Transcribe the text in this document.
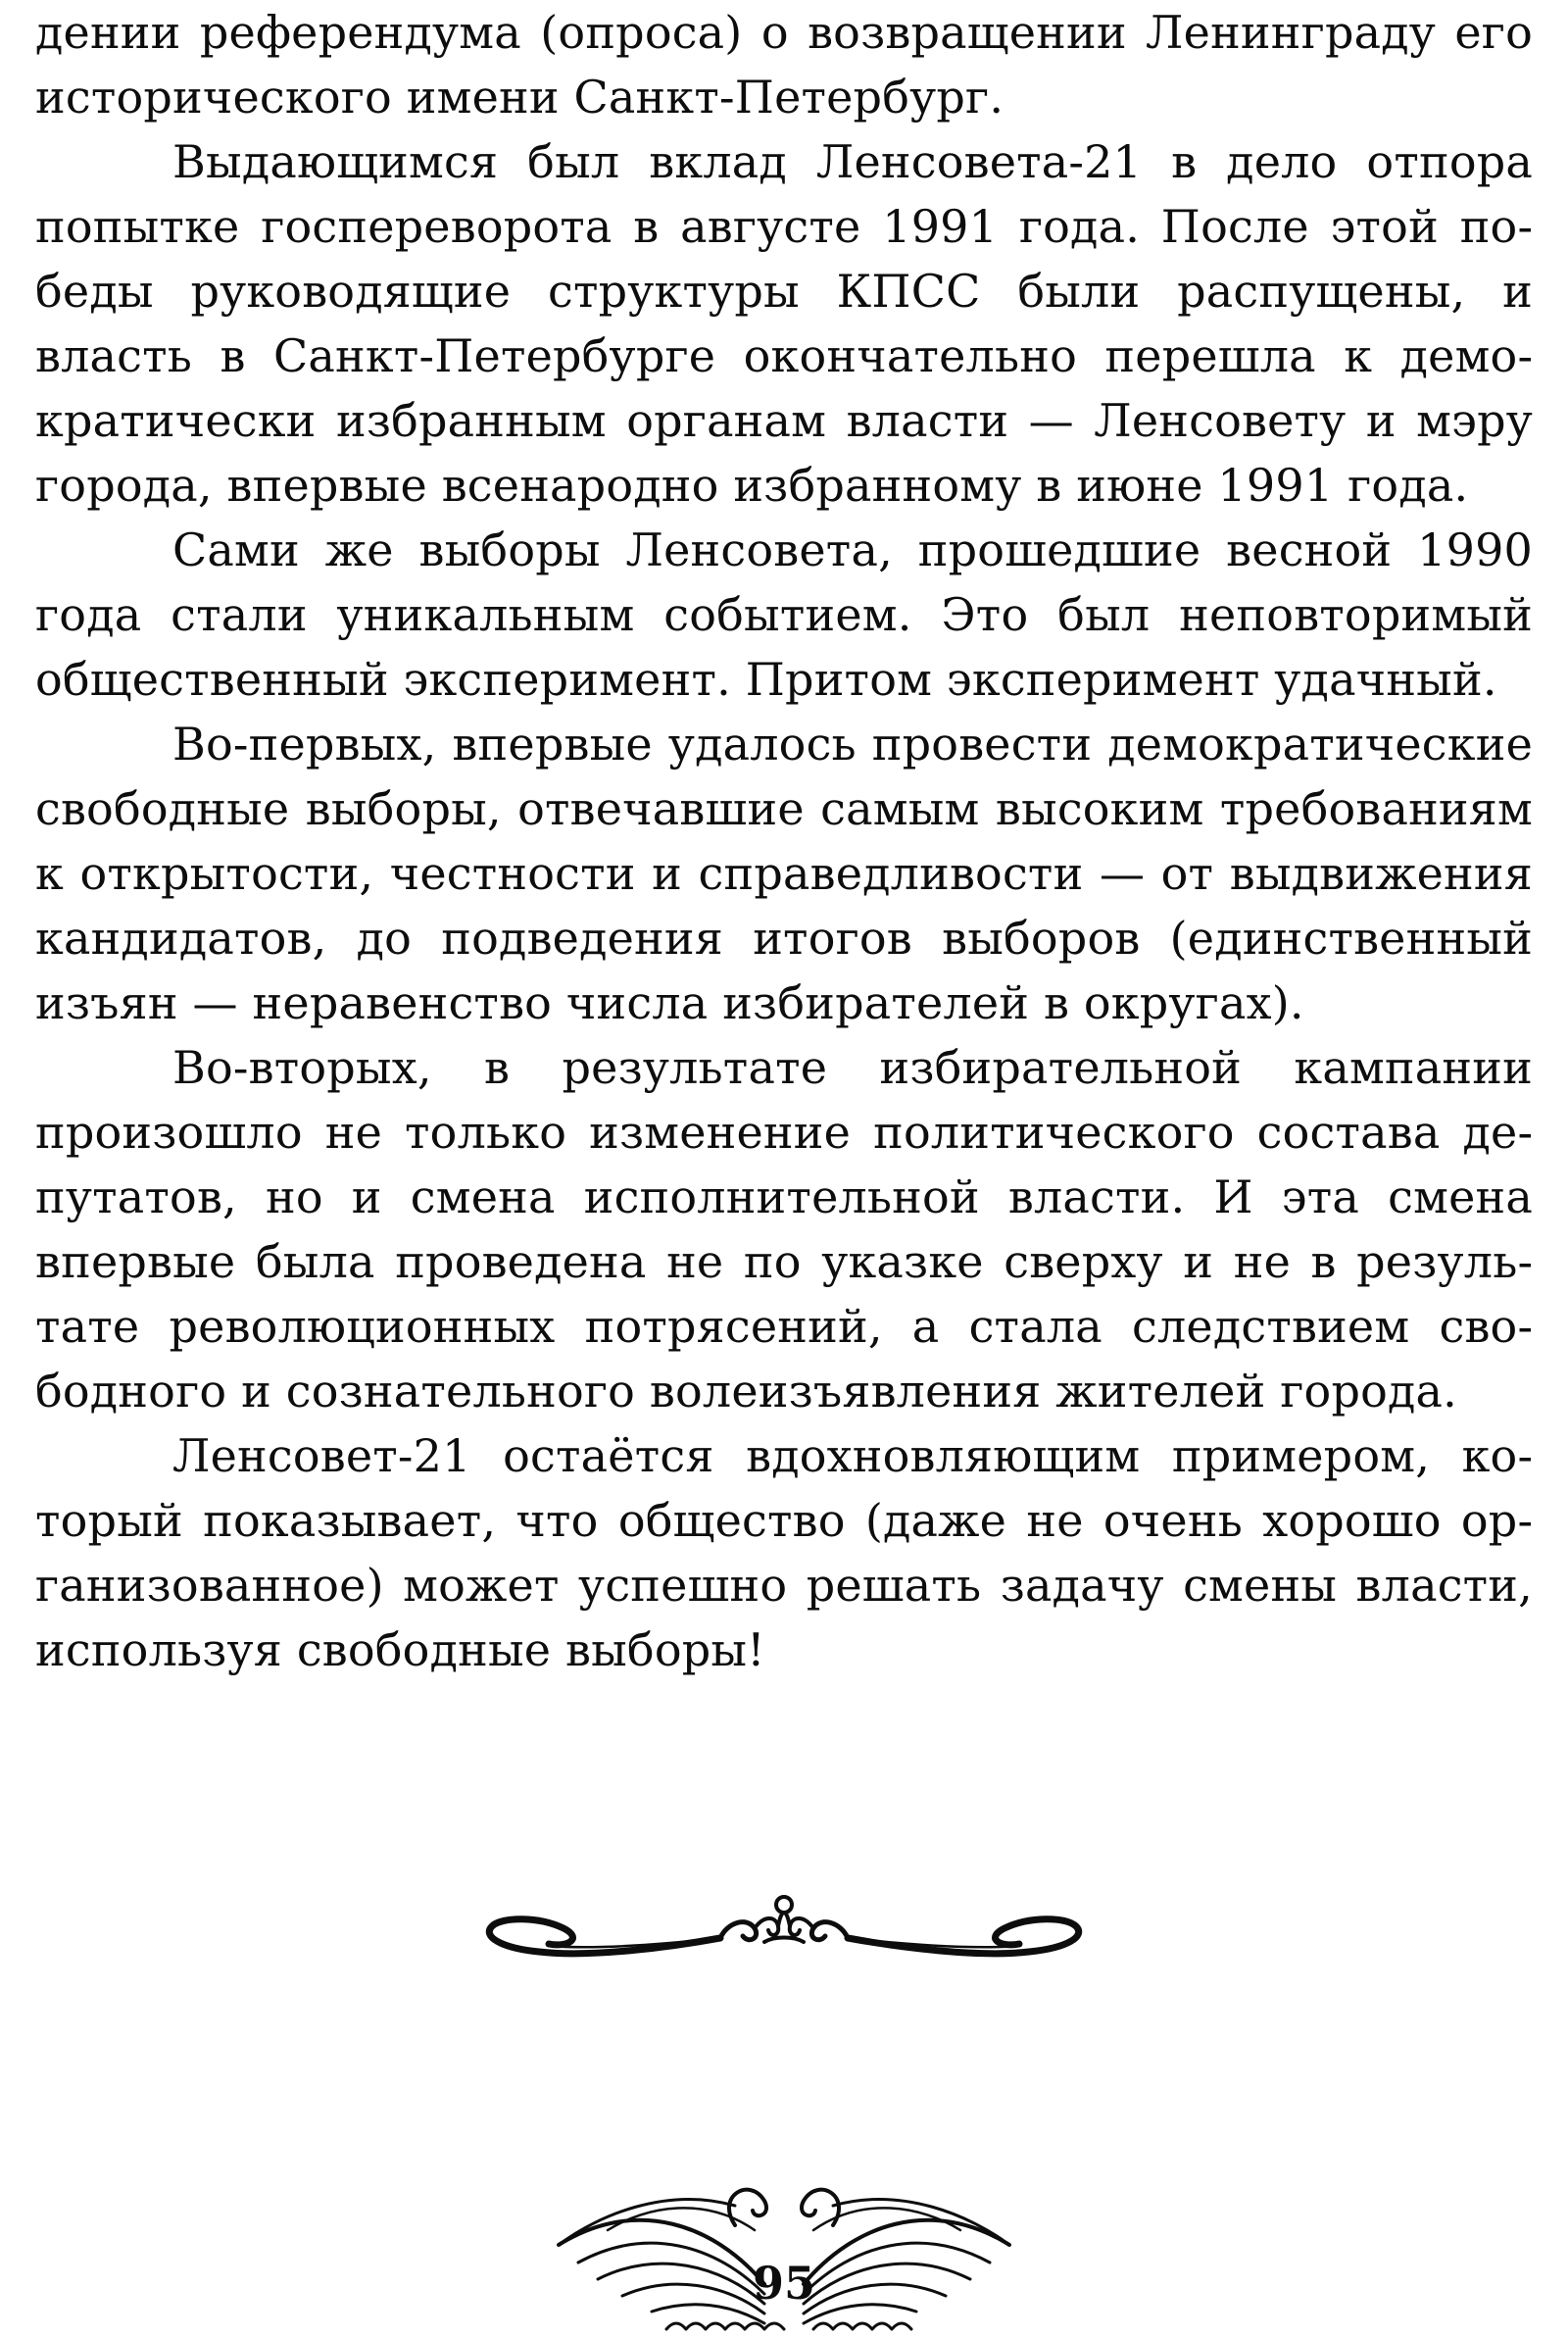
дении референдума (опроса) о возвращении Ленинграду его исторического имени Санкт-Петербург.

Выдающимся был вклад Ленсовета-21 в дело отпора попытке госпереворота в августе 1991 года. После этой победы руководящие структуры КПСС были распущены, и власть в Санкт-Петербурге окончательно перешла к демократически избранным органам власти — Ленсовету и мэру города, впервые всенародно избранному в июне 1991 года.

Сами же выборы Ленсовета, прошедшие весной 1990 года стали уникальным событием. Это был неповторимый общественный эксперимент. Притом эксперимент удачный.

Во-первых, впервые удалось провести демократические свободные выборы, отвечавшие самым высоким требованиям к открытости, честности и справедливости — от выдвижения кандидатов, до подведения итогов выборов (единственный изъян — неравенство числа избирателей в округах).

Во-вторых, в результате избирательной кампании произошло не только изменение политического состава депутатов, но и смена исполнительной власти. И эта смена впервые была проведена не по указке сверху и не в результате революционных потрясений, а стала следствием свободного и сознательного волеизъявления жителей города.

Ленсовет-21 остаётся вдохновляющим примером, который показывает, что общество (даже не очень хорошо организованное) может успешно решать задачу смены власти, используя свободные выборы!

95
